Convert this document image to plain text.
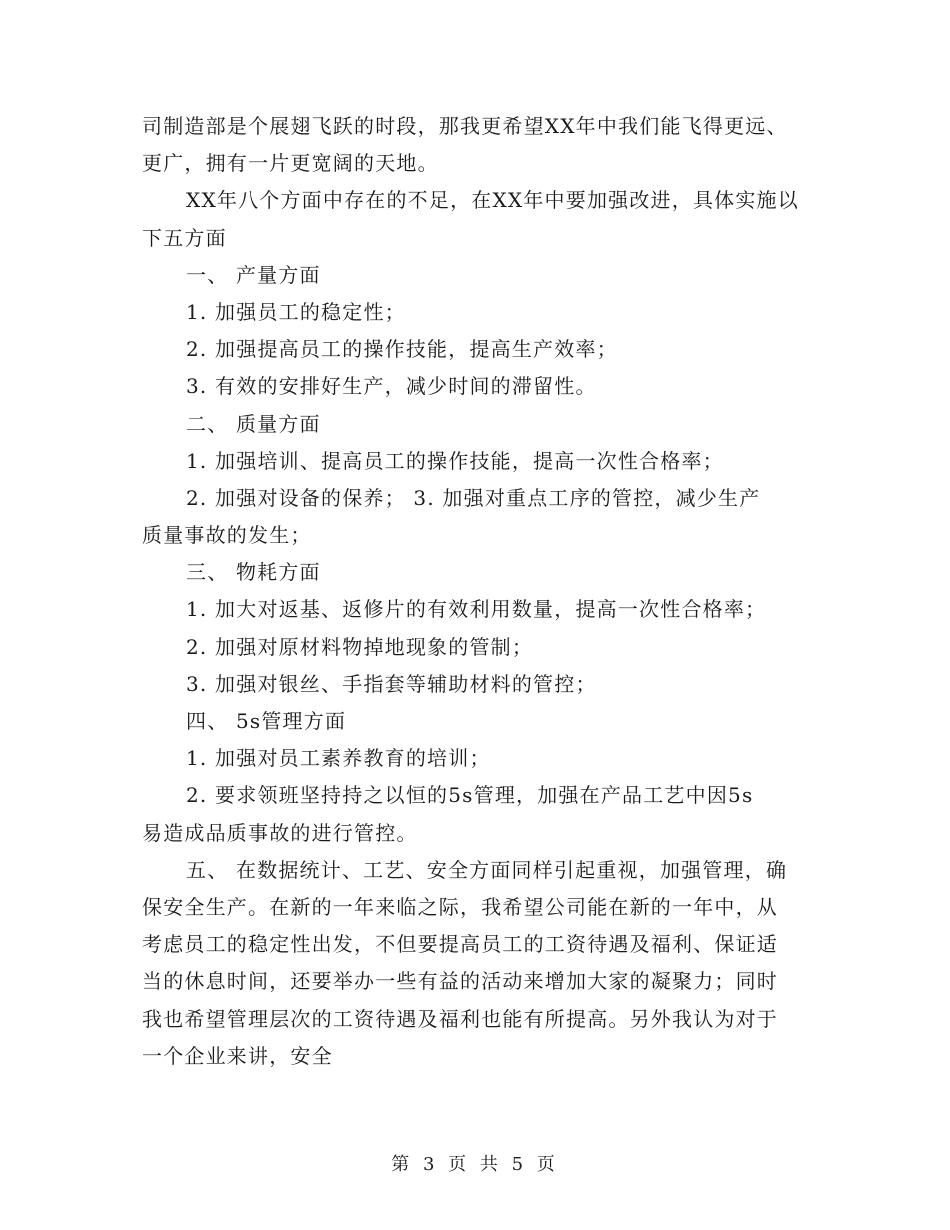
司制造部是个展翅飞跃的时段，那我更希望XX年中我们能飞得更远、
更广，拥有一片更宽阔的天地。
XX年八个方面中存在的不足，在XX年中要加强改进，具体实施以
下五方面
一、 产量方面
1. 加强员工的稳定性；
2. 加强提高员工的操作技能，提高生产效率；
3. 有效的安排好生产，减少时间的滞留性。
二、 质量方面
1. 加强培训、提高员工的操作技能，提高一次性合格率；
2. 加强对设备的保养； 3. 加强对重点工序的管控，减少生产
质量事故的发生；
三、 物耗方面
1. 加大对返基、返修片的有效利用数量，提高一次性合格率；
2. 加强对原材料物掉地现象的管制；
3. 加强对银丝、手指套等辅助材料的管控；
四、 5s管理方面
1. 加强对员工素养教育的培训；
2. 要求领班坚持持之以恒的5s管理，加强在产品工艺中因5s
易造成品质事故的进行管控。
五、 在数据统计、工艺、安全方面同样引起重视，加强管理，确
保安全生产。在新的一年来临之际，我希望公司能在新的一年中，从
考虑员工的稳定性出发，不但要提高员工的工资待遇及福利、保证适
当的休息时间，还要举办一些有益的活动来增加大家的凝聚力；同时
我也希望管理层次的工资待遇及福利也能有所提高。另外我认为对于
一个企业来讲，安全
第 3 页 共 5 页
